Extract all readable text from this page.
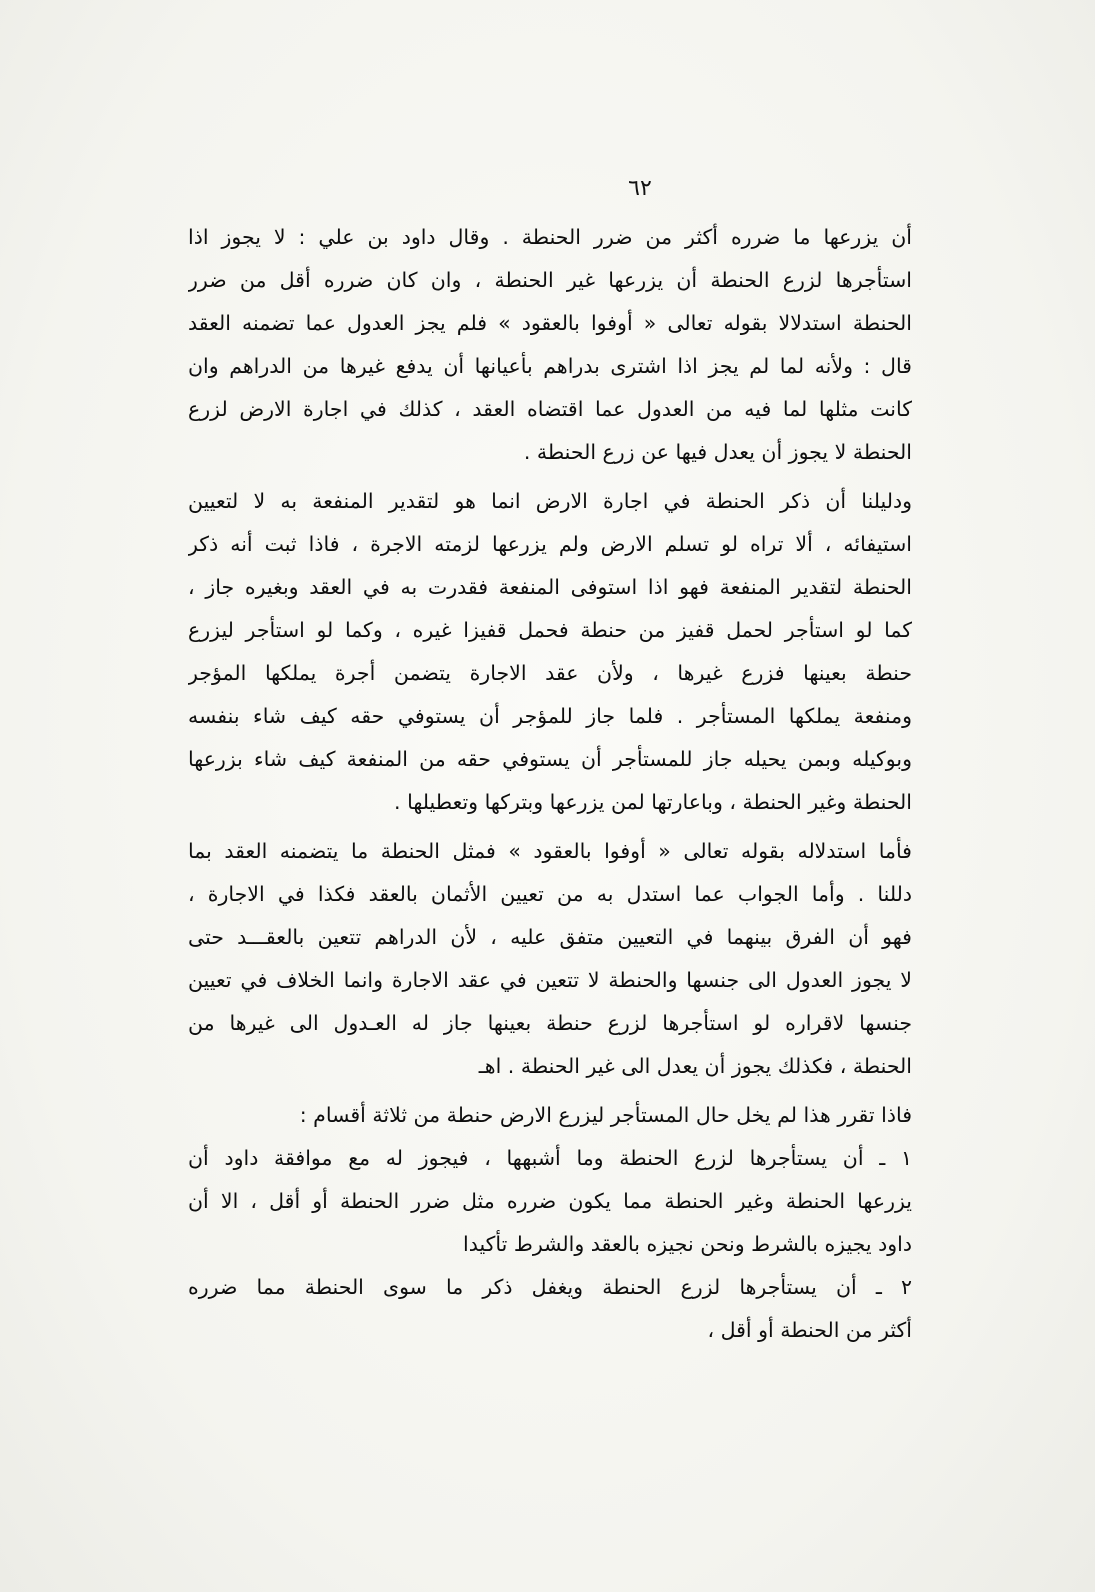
٦٢
أن يزرعها ما ضرره أكثر من ضرر الحنطة . وقال داود بن علي : لا يجوز اذا
استأجرها لزرع الحنطة أن يزرعها غير الحنطة ، وان كان ضرره أقل من ضرر
الحنطة استدلالا بقوله تعالى « أوفوا بالعقود » فلم يجز العدول عما تضمنه العقد
قال : ولأنه لما لم يجز اذا اشترى بدراهم بأعيانها أن يدفع غيرها من الدراهم وان
كانت مثلها لما فيه من العدول عما اقتضاه العقد ، كذلك في اجارة الارض لزرع
الحنطة لا يجوز أن يعدل فيها عن زرع الحنطة .
ودليلنا أن ذكر الحنطة في اجارة الارض انما هو لتقدير المنفعة به لا لتعيين
استيفائه ، ألا تراه لو تسلم الارض ولم يزرعها لزمته الاجرة ، فاذا ثبت أنه ذكر
الحنطة لتقدير المنفعة فهو اذا استوفى المنفعة فقدرت به في العقد وبغيره جاز ،
كما لو استأجر لحمل قفيز من حنطة فحمل قفيزا غيره ، وكما لو استأجر ليزرع
حنطة بعينها فزرع غيرها ، ولأن عقد الاجارة يتضمن أجرة يملكها المؤجر
ومنفعة يملكها المستأجر . فلما جاز للمؤجر أن يستوفي حقه كيف شاء بنفسه
وبوكيله وبمن يحيله جاز للمستأجر أن يستوفي حقه من المنفعة كيف شاء بزرعها
الحنطة وغير الحنطة ، وباعارتها لمن يزرعها وبتركها وتعطيلها .
فأما استدلاله بقوله تعالى « أوفوا بالعقود » فمثل الحنطة ما يتضمنه العقد بما
دللنا . وأما الجواب عما استدل به من تعيين الأثمان بالعقد فكذا في الاجارة ،
فهو أن الفرق بينهما في التعيين متفق عليه ، لأن الدراهم تتعين بالعقـــد حتى
لا يجوز العدول الى جنسها والحنطة لا تتعين في عقد الاجارة وانما الخلاف في تعيين
جنسها لاقراره لو استأجرها لزرع حنطة بعينها جاز له العـدول الى غيرها من
الحنطة ، فكذلك يجوز أن يعدل الى غير الحنطة . اهـ
فاذا تقرر هذا لم يخل حال المستأجر ليزرع الارض حنطة من ثلاثة أقسام :
١ ـ أن يستأجرها لزرع الحنطة وما أشبهها ، فيجوز له مع موافقة داود أن
يزرعها الحنطة وغير الحنطة مما يكون ضرره مثل ضرر الحنطة أو أقل ، الا أن
داود يجيزه بالشرط ونحن نجيزه بالعقد والشرط تأكيدا
٢ ـ أن يستأجرها لزرع الحنطة ويغفل ذكر ما سوى الحنطة مما ضرره
أكثر من الحنطة أو أقل ،
